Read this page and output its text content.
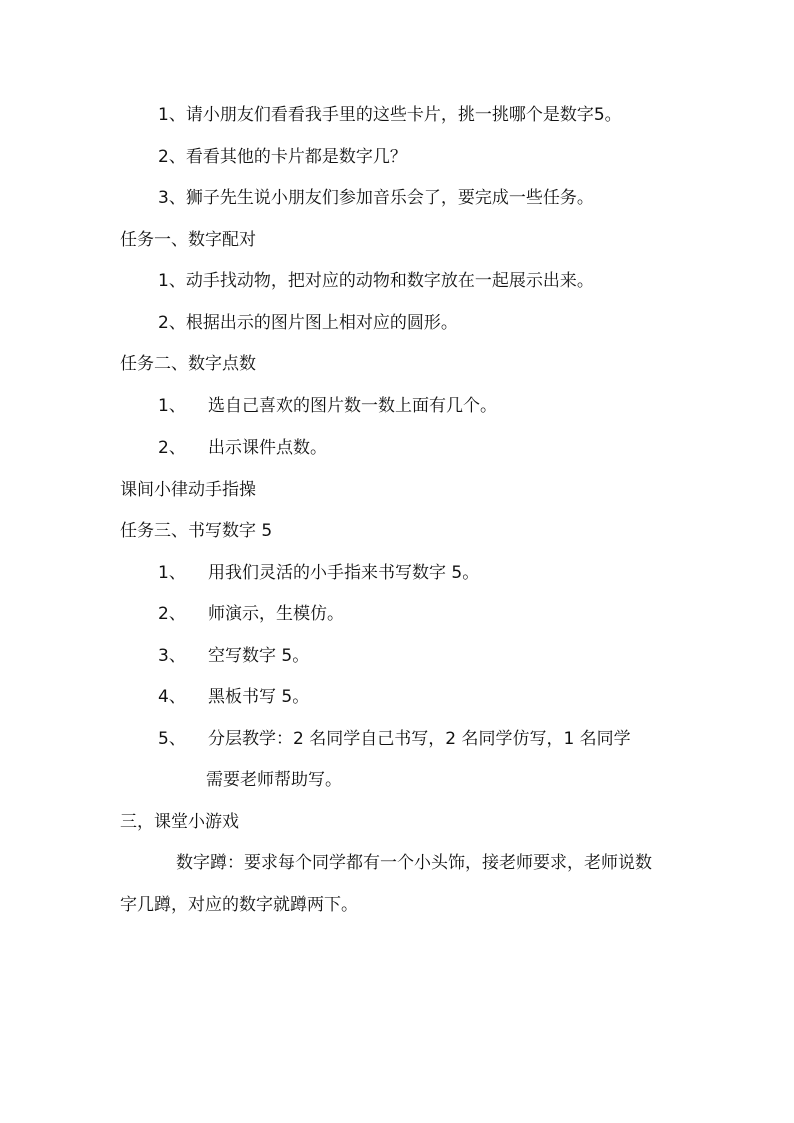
1、请小朋友们看看我手里的这些卡片，挑一挑哪个是数字5。
2、看看其他的卡片都是数字几？
3、狮子先生说小朋友们参加音乐会了，要完成一些任务。
任务一、数字配对
1、动手找动物，把对应的动物和数字放在一起展示出来。
2、根据出示的图片图上相对应的圆形。
任务二、数字点数
1、 选自己喜欢的图片数一数上面有几个。
2、 出示课件点数。
课间小律动手指操
任务三、书写数字 5
1、 用我们灵活的小手指来书写数字 5。
2、 师演示，生模仿。
3、 空写数字 5。
4、 黑板书写 5。
5、 分层教学：2 名同学自己书写，2 名同学仿写，1 名同学
需要老师帮助写。
三，课堂小游戏
数字蹲：要求每个同学都有一个小头饰，接老师要求，老师说数字几蹲，对应的数字就蹲两下。
